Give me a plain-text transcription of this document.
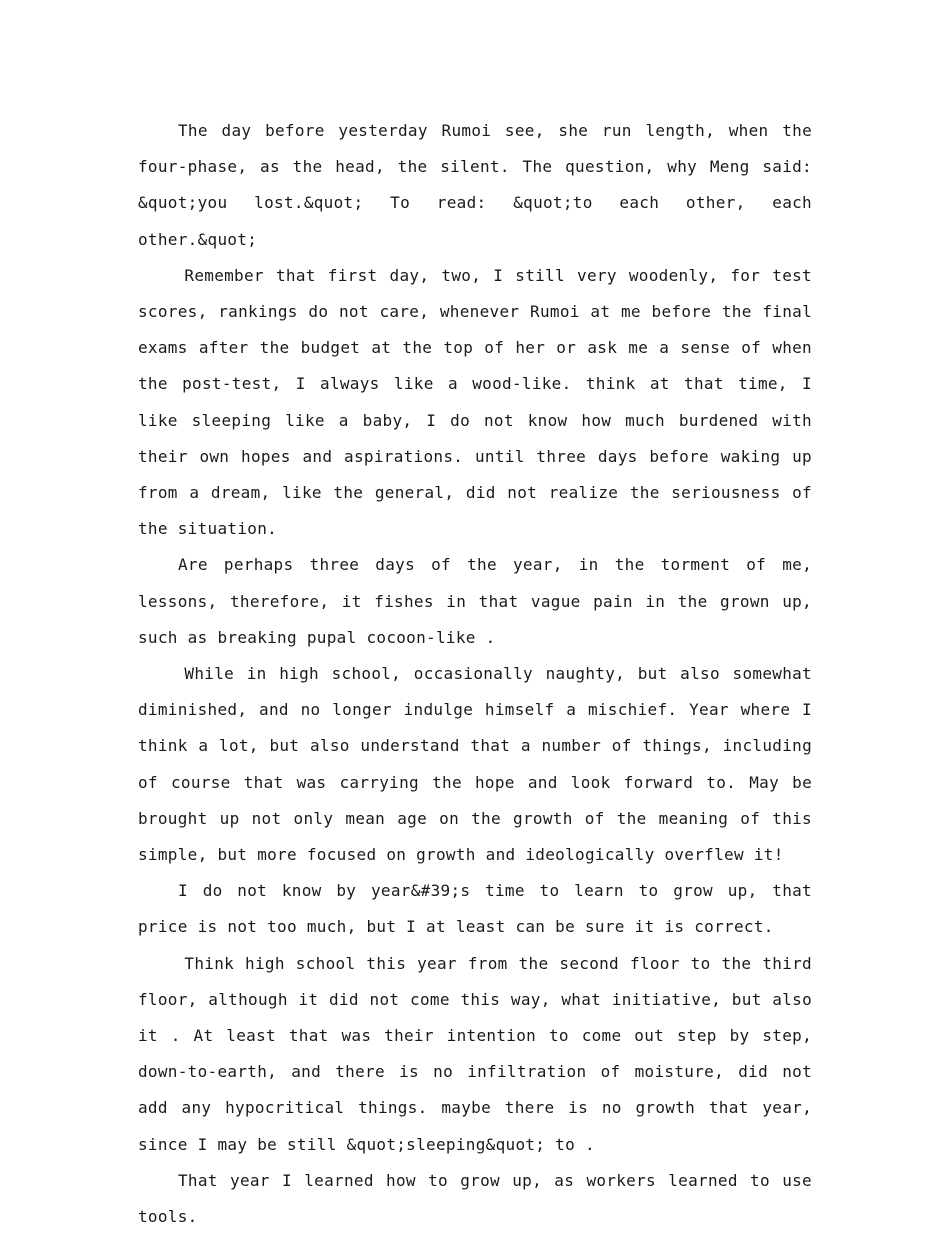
The day before yesterday Rumoi see, she run length, when the four-phase, as the head, the silent. The question, why Meng said: &quot;you lost.&quot; To read: &quot;to each other, each other.&quot;

Remember that first day, two, I still very woodenly, for test scores, rankings do not care, whenever Rumoi at me before the final exams after the budget at the top of her or ask me a sense of when the post-test, I always like a wood-like. think at that time, I like sleeping like a baby, I do not know how much burdened with their own hopes and aspirations. until three days before waking up from a dream, like the general, did not realize the seriousness of the situation.

Are perhaps three days of the year, in the torment of me, lessons, therefore, it fishes in that vague pain in the grown up, such as breaking pupal cocoon-like .

While in high school, occasionally naughty, but also somewhat diminished, and no longer indulge himself a mischief. Year where I think a lot, but also understand that a number of things, including of course that was carrying the hope and look forward to. May be brought up not only mean age on the growth of the meaning of this simple, but more focused on growth and ideologically overflew it!

I do not know by year&#39;s time to learn to grow up, that price is not too much, but I at least can be sure it is correct.

Think high school this year from the second floor to the third floor, although it did not come this way, what initiative, but also it . At least that was their intention to come out step by step, down-to-earth, and there is no infiltration of moisture, did not add any hypocritical things. maybe there is no growth that year, since I may be still &quot;sleeping&quot; to .

That year I learned how to grow up, as workers learned to use tools.
